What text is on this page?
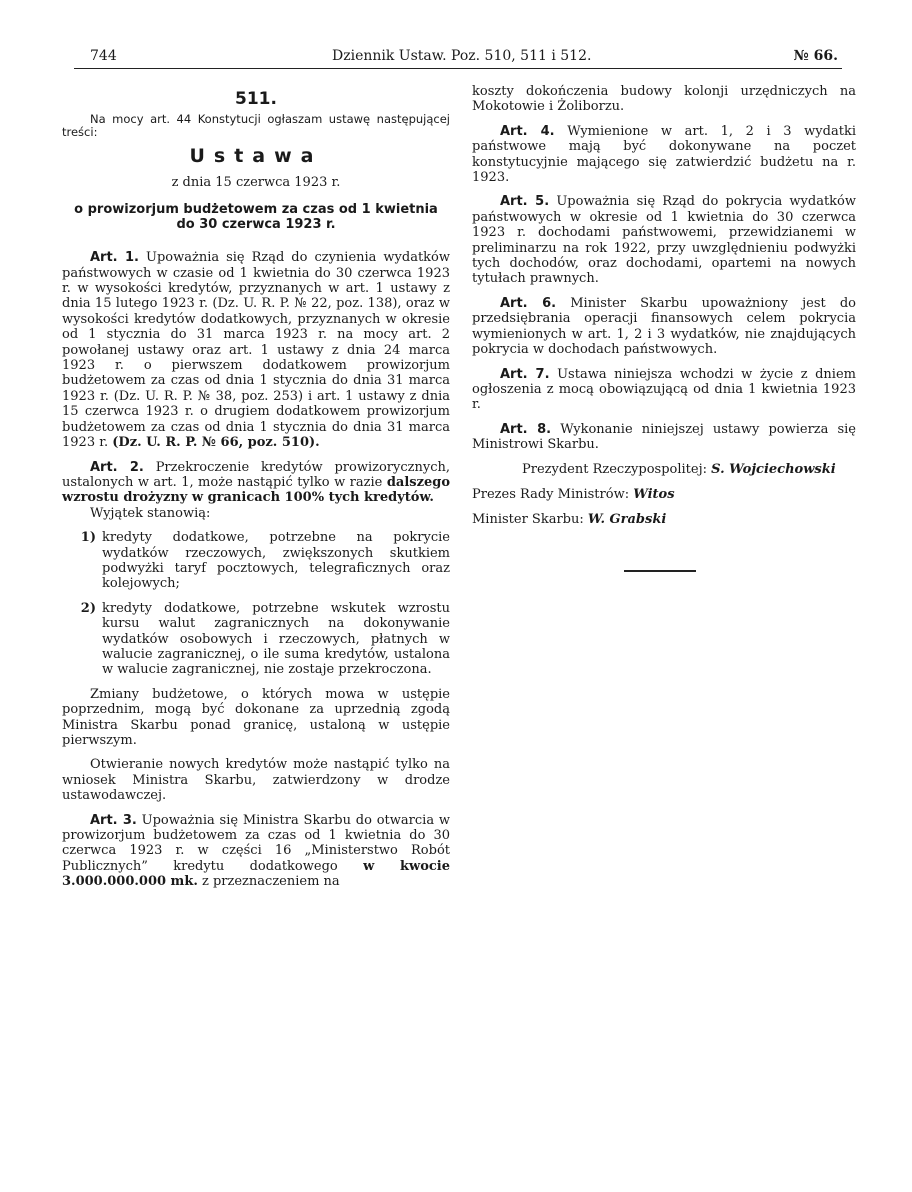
744	Dziennik Ustaw. Poz. 510, 511 i 512.	№ 66.

511.

Na mocy art. 44 Konstytucji ogłaszam ustawę następującej treści:

Ustawa

z dnia 15 czerwca 1923 r.

o prowizorjum budżetowem za czas od 1 kwietnia do 30 czerwca 1923 r.

Art. 1. Upoważnia się Rząd do czynienia wydatków państwowych w czasie od 1 kwietnia do 30 czerwca 1923 r. w wysokości kredytów, przyznanych w art. 1 ustawy z dnia 15 lutego 1923 r. (Dz. U. R. P. № 22, poz. 138), oraz w wysokości kredytów dodatkowych, przyznanych w okresie od 1 stycznia do 31 marca 1923 r. na mocy art. 2 powołanej ustawy oraz art. 1 ustawy z dnia 24 marca 1923 r. o pierwszem dodatkowem prowizorjum budżetowem za czas od dnia 1 stycznia do dnia 31 marca 1923 r. (Dz. U. R. P. № 38, poz. 253) i art. 1 ustawy z dnia 15 czerwca 1923 r. o drugiem dodatkowem prowizorjum budżetowem za czas od dnia 1 stycznia do dnia 31 marca 1923 r. (Dz. U. R. P. № 66, poz. 510).

Art. 2. Przekroczenie kredytów prowizorycznych, ustalonych w art. 1, może nastąpić tylko w razie dalszego wzrostu drożyzny w granicach 100% tych kredytów.

Wyjątek stanowią:

1) kredyty dodatkowe, potrzebne na pokrycie wydatków rzeczowych, zwiększonych skutkiem podwyżki taryf pocztowych, telegraficznych oraz kolejowych;
2) kredyty dodatkowe, potrzebne wskutek wzrostu kursu walut zagranicznych na dokonywanie wydatków osobowych i rzeczowych, płatnych w walucie zagranicznej, o ile suma kredytów, ustalona w walucie zagranicznej, nie zostaje przekroczona.

Zmiany budżetowe, o których mowa w ustępie poprzednim, mogą być dokonane za uprzednią zgodą Ministra Skarbu ponad granicę, ustaloną w ustępie pierwszym.

Otwieranie nowych kredytów może nastąpić tylko na wniosek Ministra Skarbu, zatwierdzony w drodze ustawodawczej.

Art. 3. Upoważnia się Ministra Skarbu do otwarcia w prowizorjum budżetowem za czas od 1 kwietnia do 30 czerwca 1923 r. w części 16 „Ministerstwo Robót Publicznych” kredytu dodatkowego w kwocie 3.000.000.000 mk. z przeznaczeniem na

koszty dokończenia budowy kolonji urzędniczych na Mokotowie i Żoliborzu.

Art. 4. Wymienione w art. 1, 2 i 3 wydatki państwowe mają być dokonywane na poczet konstytucyjnie mającego się zatwierdzić budżetu na r. 1923.

Art. 5. Upoważnia się Rząd do pokrycia wydatków państwowych w okresie od 1 kwietnia do 30 czerwca 1923 r. dochodami państwowemi, przewidzianemi w preliminarzu na rok 1922, przy uwzględnieniu podwyżki tych dochodów, oraz dochodami, opartemi na nowych tytułach prawnych.

Art. 6. Minister Skarbu upoważniony jest do przedsiębrania operacji finansowych celem pokrycia wymienionych w art. 1, 2 i 3 wydatków, nie znajdujących pokrycia w dochodach państwowych.

Art. 7. Ustawa niniejsza wchodzi w życie z dniem ogłoszenia z mocą obowiązującą od dnia 1 kwietnia 1923 r.

Art. 8. Wykonanie niniejszej ustawy powierza się Ministrowi Skarbu.

Prezydent Rzeczypospolitej: S. Wojciechowski

Prezes Rady Ministrów: Witos

Minister Skarbu: W. Grabski
